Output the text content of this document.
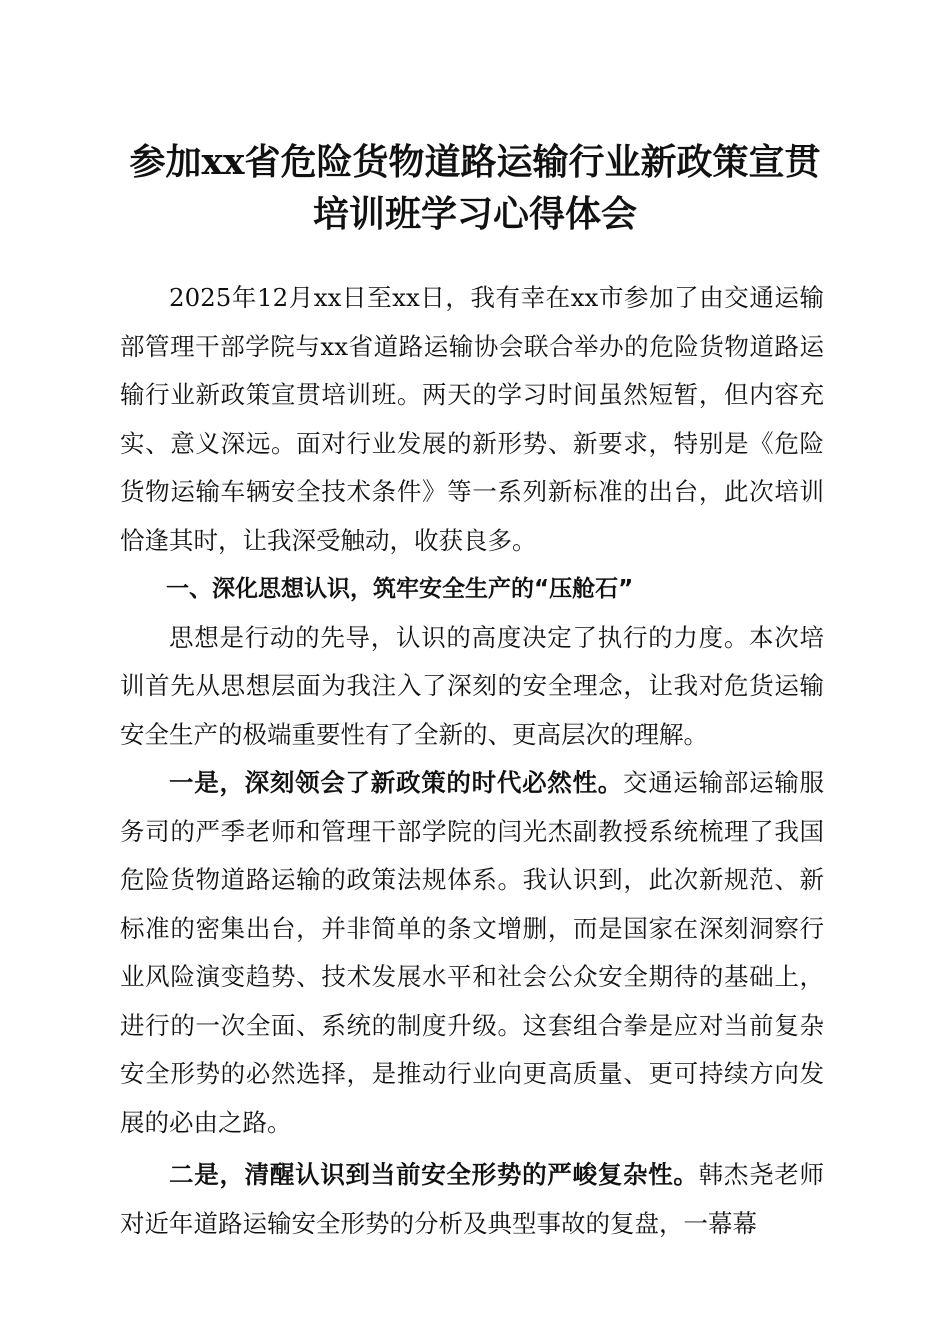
参加xx省危险货物道路运输行业新政策宣贯
培训班学习心得体会

2025年12月xx日至xx日，我有幸在xx市参加了由交通运输部管理干部学院与xx省道路运输协会联合举办的危险货物道路运输行业新政策宣贯培训班。两天的学习时间虽然短暂，但内容充实、意义深远。面对行业发展的新形势、新要求，特别是《危险货物运输车辆安全技术条件》等一系列新标准的出台，此次培训恰逢其时，让我深受触动，收获良多。

一、深化思想认识，筑牢安全生产的“压舱石”

思想是行动的先导，认识的高度决定了执行的力度。本次培训首先从思想层面为我注入了深刻的安全理念，让我对危货运输安全生产的极端重要性有了全新的、更高层次的理解。

一是，深刻领会了新政策的时代必然性。交通运输部运输服务司的严季老师和管理干部学院的闫光杰副教授系统梳理了我国危险货物道路运输的政策法规体系。我认识到，此次新规范、新标准的密集出台，并非简单的条文增删，而是国家在深刻洞察行业风险演变趋势、技术发展水平和社会公众安全期待的基础上，进行的一次全面、系统的制度升级。这套组合拳是应对当前复杂安全形势的必然选择，是推动行业向更高质量、更可持续方向发展的必由之路。

二是，清醒认识到当前安全形势的严峻复杂性。韩杰尧老师对近年道路运输安全形势的分析及典型事故的复盘，一幕幕
